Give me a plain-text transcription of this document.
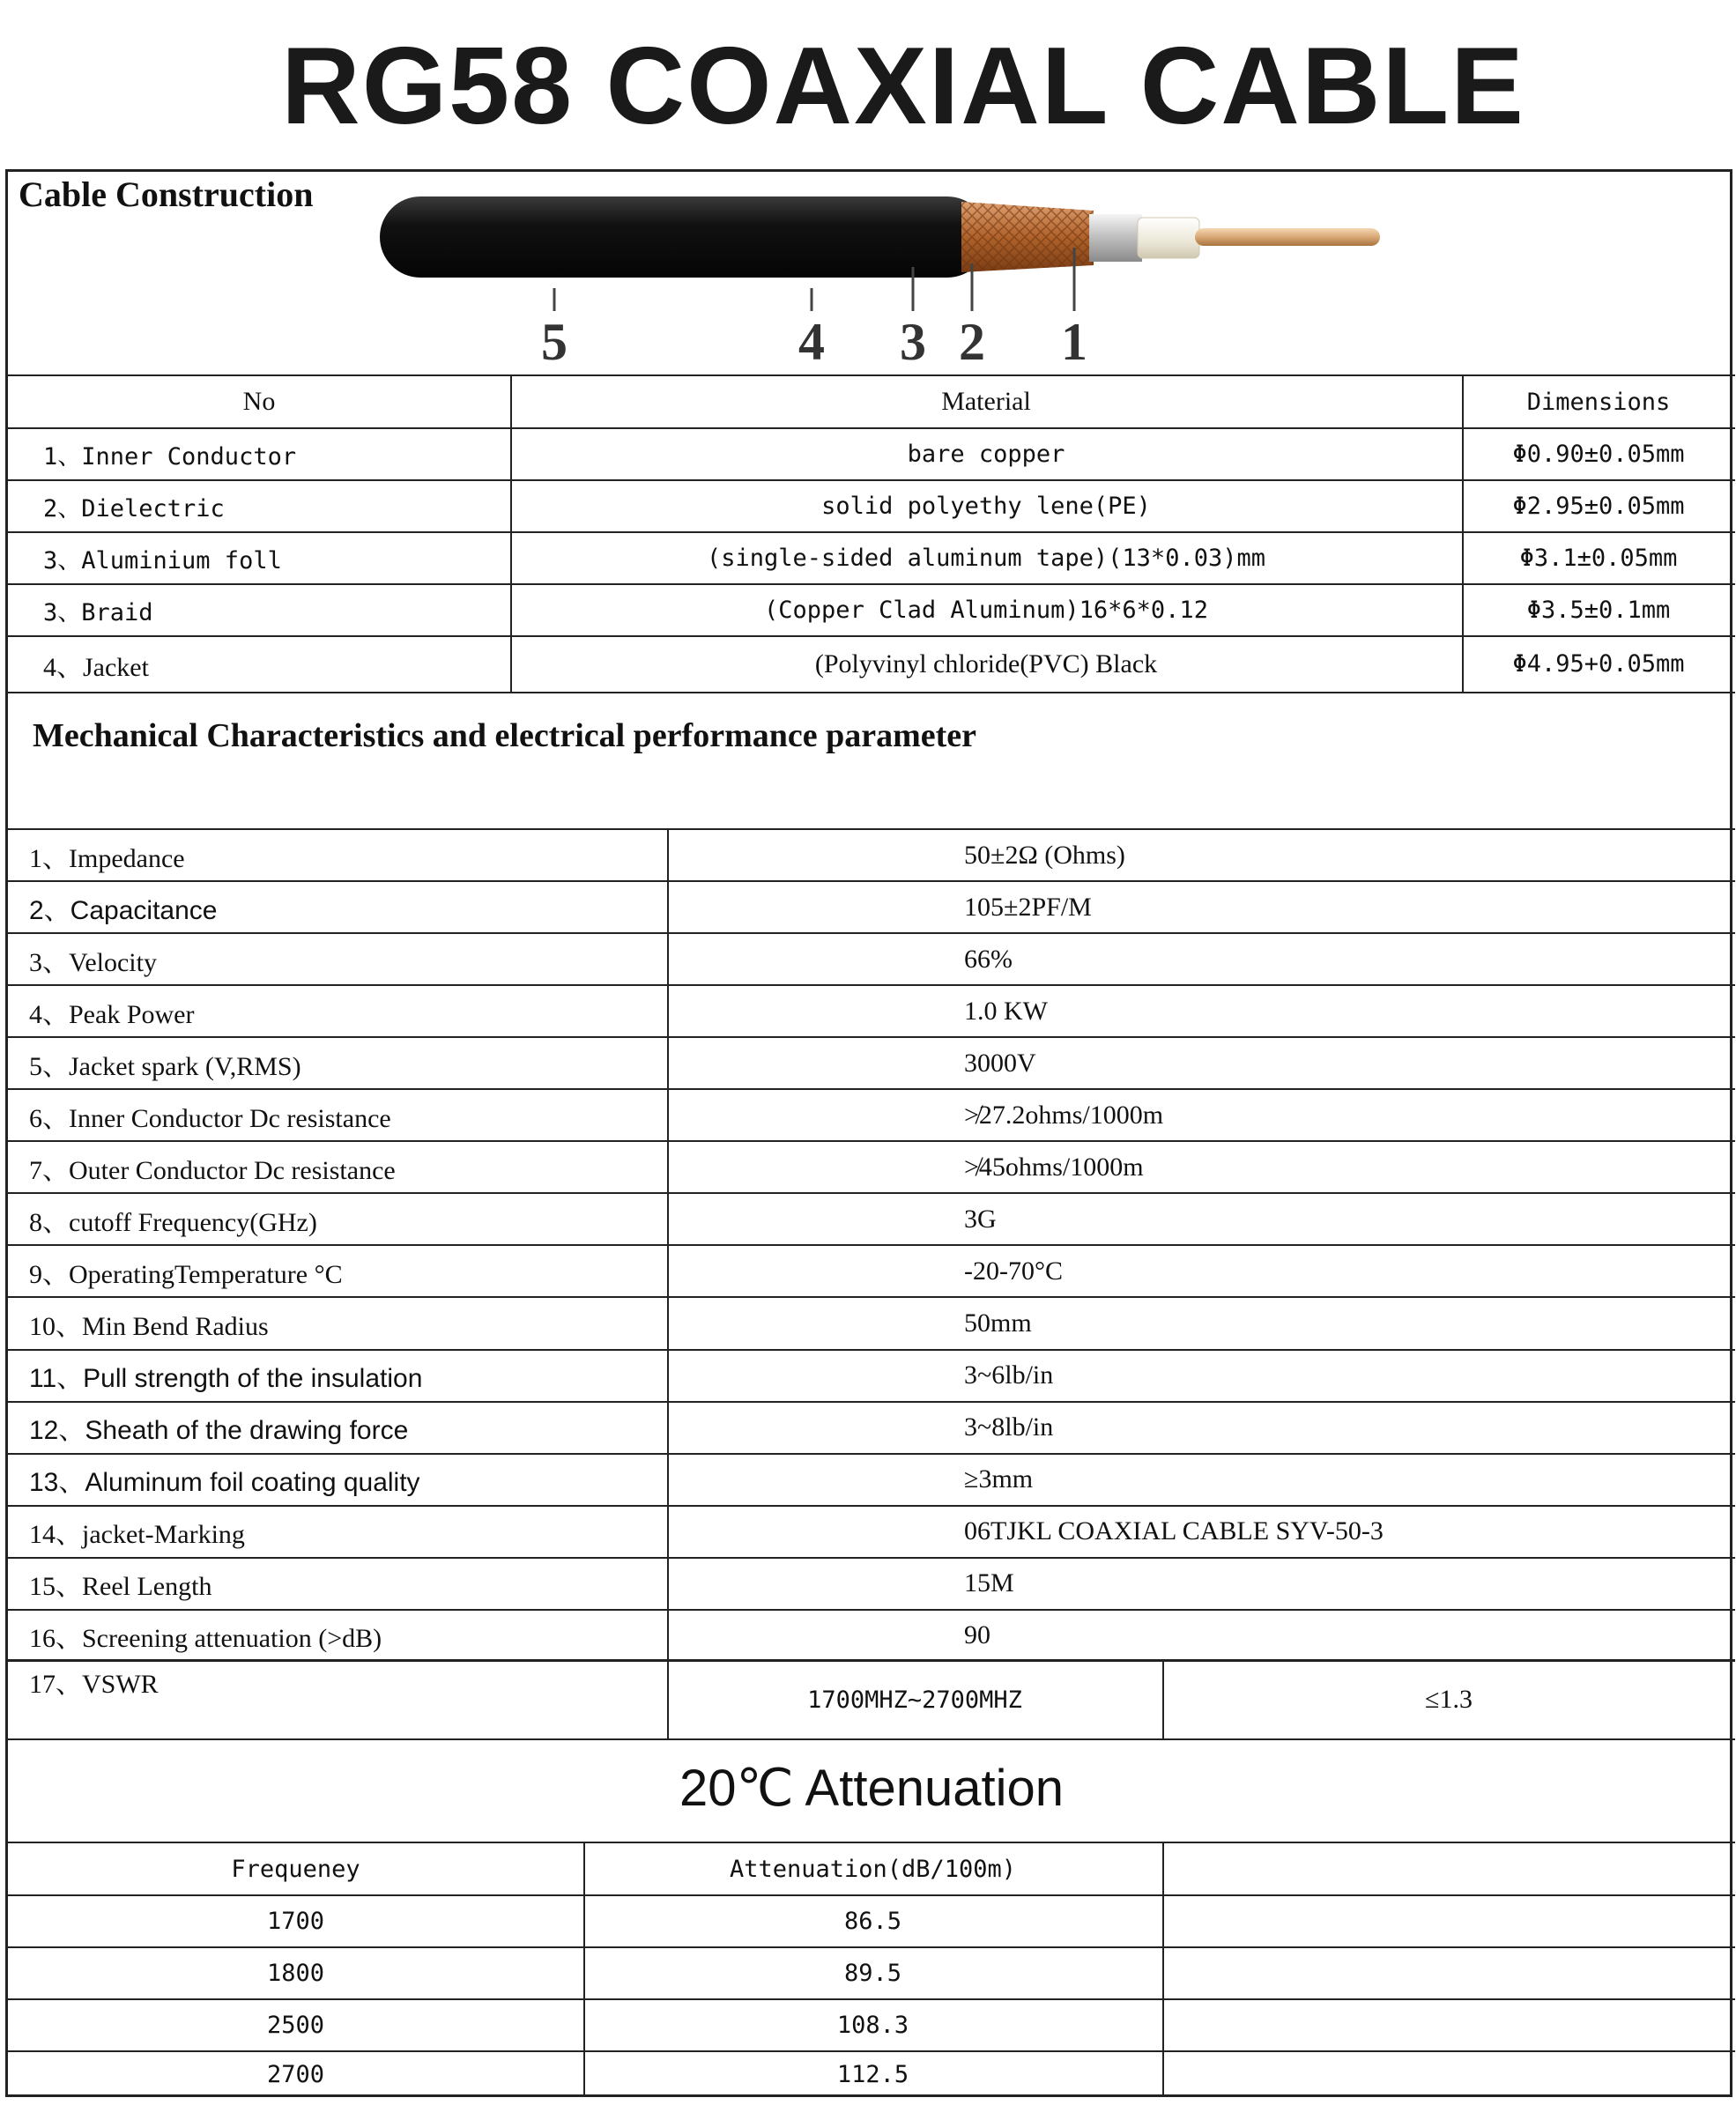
RG58 COAXIAL CABLE
Cable Construction
5	4 3 2 1
No	Material	Dimensions
1、Inner Conductor	bare copper	Φ0.90±0.05mm
2、Dielectric	solid polyethy lene(PE)	Φ2.95±0.05mm
3、Aluminium foll	(single-sided aluminum tape)(13*0.03)mm	Φ3.1±0.05mm
3、Braid	(Copper Clad Aluminum)16*6*0.12	Φ3.5±0.1mm
4、Jacket	(Polyvinyl chloride(PVC) Black	Φ4.95+0.05mm
Mechanical Characteristics and electrical performance parameter
1、Impedance	50±2Ω (Ohms)
2、Capacitance	105±2PF/M
3、Velocity	66%
4、Peak Power	1.0 KW
5、Jacket spark (V,RMS)	3000V
6、Inner Conductor Dc resistance	≯27.2ohms/1000m
7、Outer Conductor Dc resistance	≯45ohms/1000m
8、cutoff Frequency(GHz)	3G
9、OperatingTemperature °C	-20-70°C
10、Min Bend Radius	50mm
11、Pull strength of the insulation	3~6lb/in
12、Sheath of the drawing force	3~8lb/in
13、Aluminum foil coating quality	≥3mm
14、jacket-Marking	06TJKL COAXIAL CABLE SYV-50-3
15、Reel Length	15M
16、Screening attenuation (>dB)	90
17、VSWR
1700MHZ~2700MHZ	≤1.3
20℃ Attenuation
Frequeney	Attenuation(dB/100m)
1700	86.5
1800	89.5
2500	108.3
2700	112.5
